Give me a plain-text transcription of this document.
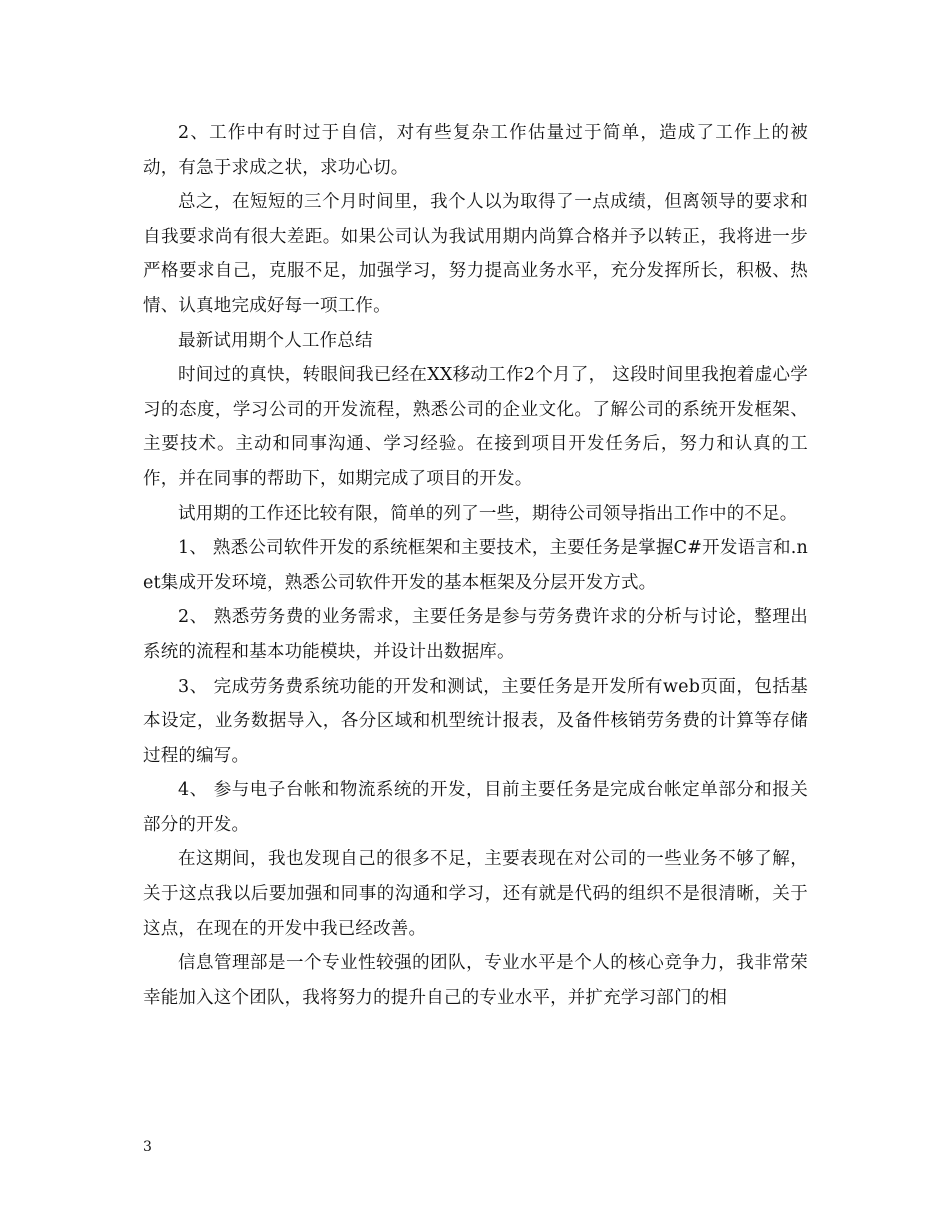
2、工作中有时过于自信，对有些复杂工作估量过于简单，造成了工作上的被动，有急于求成之状，求功心切。

总之，在短短的三个月时间里，我个人以为取得了一点成绩，但离领导的要求和自我要求尚有很大差距。如果公司认为我试用期内尚算合格并予以转正，我将进一步严格要求自己，克服不足，加强学习，努力提高业务水平，充分发挥所长，积极、热情、认真地完成好每一项工作。

最新试用期个人工作总结

时间过的真快，转眼间我已经在XX移动工作2个月了， 这段时间里我抱着虚心学习的态度，学习公司的开发流程，熟悉公司的企业文化。了解公司的系统开发框架、主要技术。主动和同事沟通、学习经验。在接到项目开发任务后，努力和认真的工作，并在同事的帮助下，如期完成了项目的开发。

试用期的工作还比较有限，简单的列了一些，期待公司领导指出工作中的不足。

1、 熟悉公司软件开发的系统框架和主要技术，主要任务是掌握C#开发语言和.net集成开发环境，熟悉公司软件开发的基本框架及分层开发方式。

2、 熟悉劳务费的业务需求，主要任务是参与劳务费许求的分析与讨论，整理出系统的流程和基本功能模块，并设计出数据库。

3、 完成劳务费系统功能的开发和测试，主要任务是开发所有web页面，包括基本设定，业务数据导入，各分区域和机型统计报表，及备件核销劳务费的计算等存储过程的编写。

4、 参与电子台帐和物流系统的开发，目前主要任务是完成台帐定单部分和报关部分的开发。

在这期间，我也发现自己的很多不足，主要表现在对公司的一些业务不够了解，关于这点我以后要加强和同事的沟通和学习，还有就是代码的组织不是很清晰，关于这点，在现在的开发中我已经改善。

信息管理部是一个专业性较强的团队，专业水平是个人的核心竞争力，我非常荣幸能加入这个团队，我将努力的提升自己的专业水平，并扩充学习部门的相

3
